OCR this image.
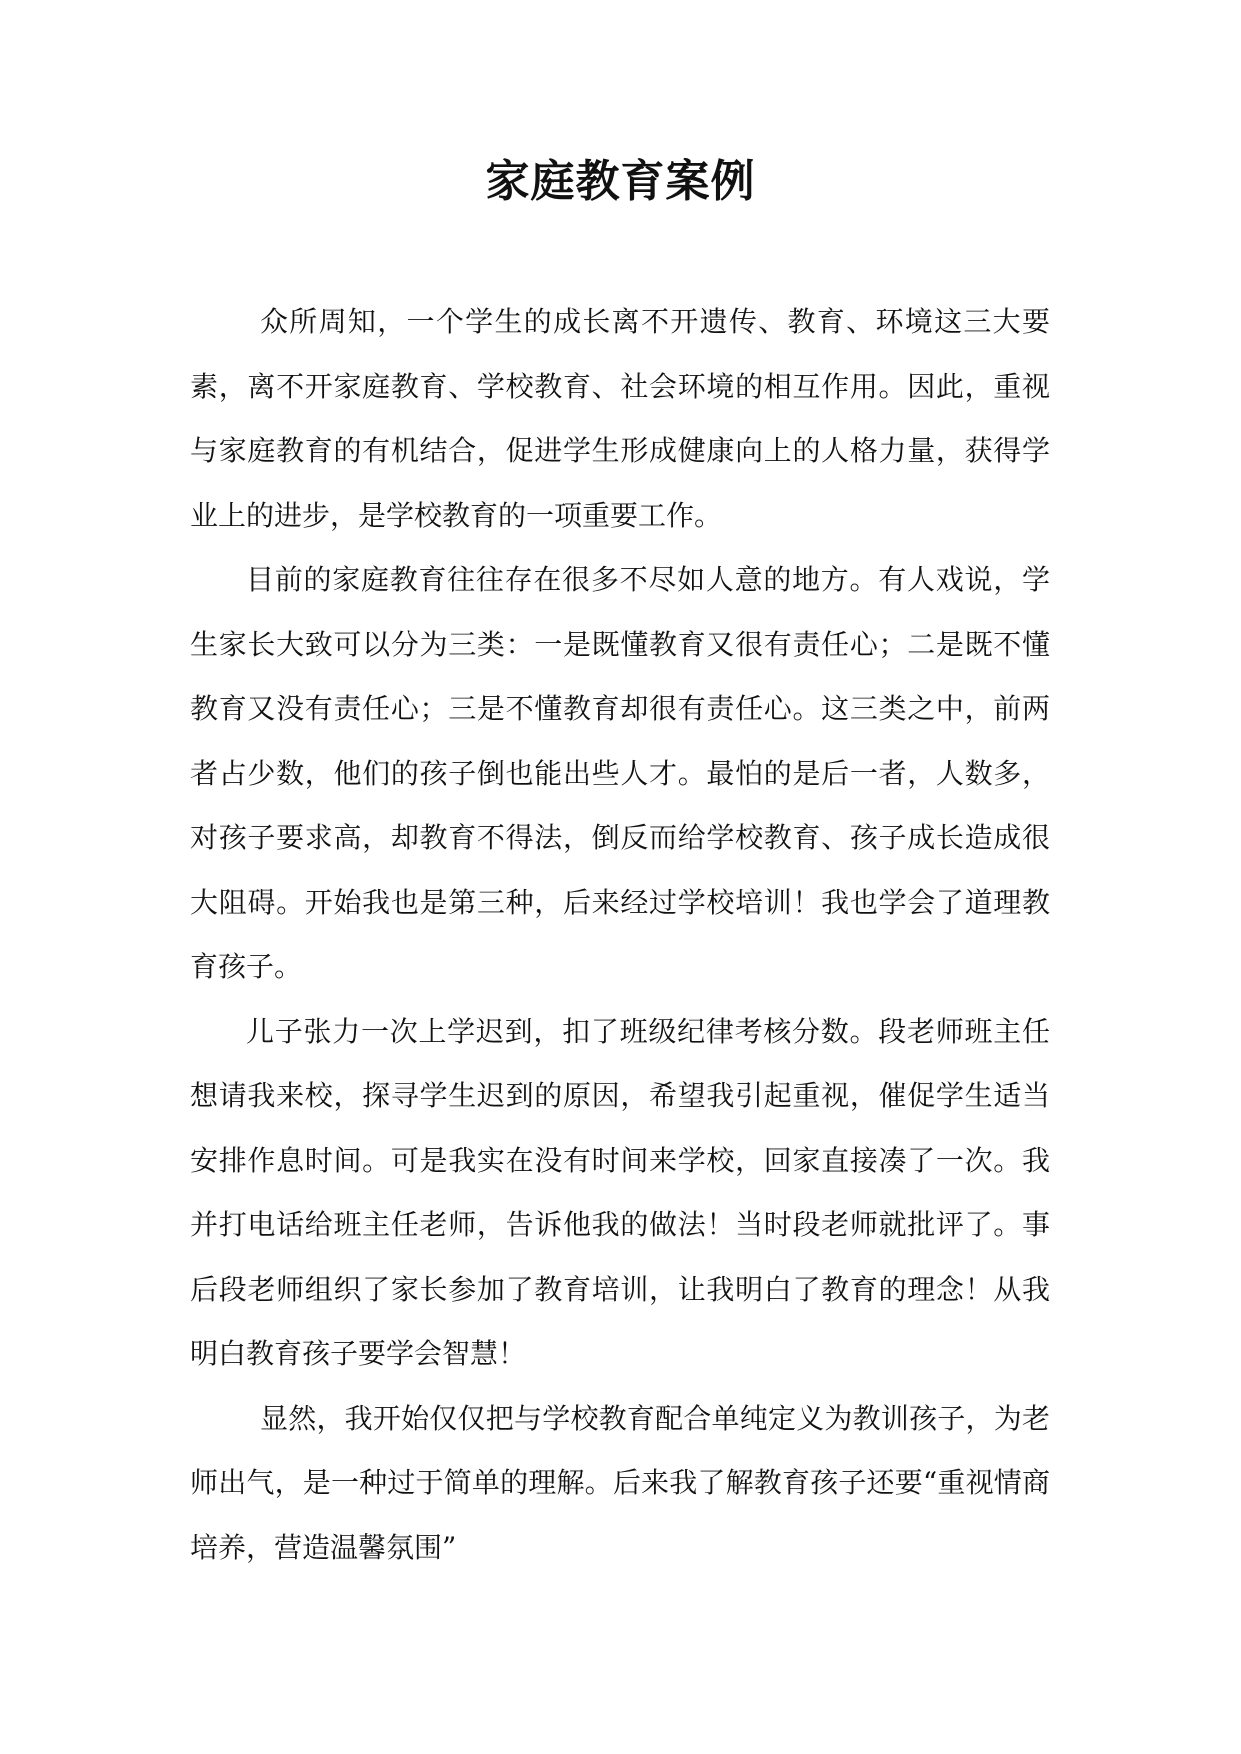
家庭教育案例

众所周知，一个学生的成长离不开遗传、教育、环境这三大要素，离不开家庭教育、学校教育、社会环境的相互作用。因此，重视与家庭教育的有机结合，促进学生形成健康向上的人格力量，获得学业上的进步，是学校教育的一项重要工作。

目前的家庭教育往往存在很多不尽如人意的地方。有人戏说，学生家长大致可以分为三类：一是既懂教育又很有责任心；二是既不懂教育又没有责任心；三是不懂教育却很有责任心。这三类之中，前两者占少数，他们的孩子倒也能出些人才。最怕的是后一者，人数多，对孩子要求高，却教育不得法，倒反而给学校教育、孩子成长造成很大阻碍。开始我也是第三种，后来经过学校培训！我也学会了道理教育孩子。

儿子张力一次上学迟到，扣了班级纪律考核分数。段老师班主任想请我来校，探寻学生迟到的原因，希望我引起重视，催促学生适当安排作息时间。可是我实在没有时间来学校，回家直接凑了一次。我并打电话给班主任老师，告诉他我的做法！当时段老师就批评了。事后段老师组织了家长参加了教育培训，让我明白了教育的理念！从我明白教育孩子要学会智慧！

显然，我开始仅仅把与学校教育配合单纯定义为教训孩子，为老师出气，是一种过于简单的理解。后来我了解教育孩子还要“重视情商培养，营造温馨氛围”
